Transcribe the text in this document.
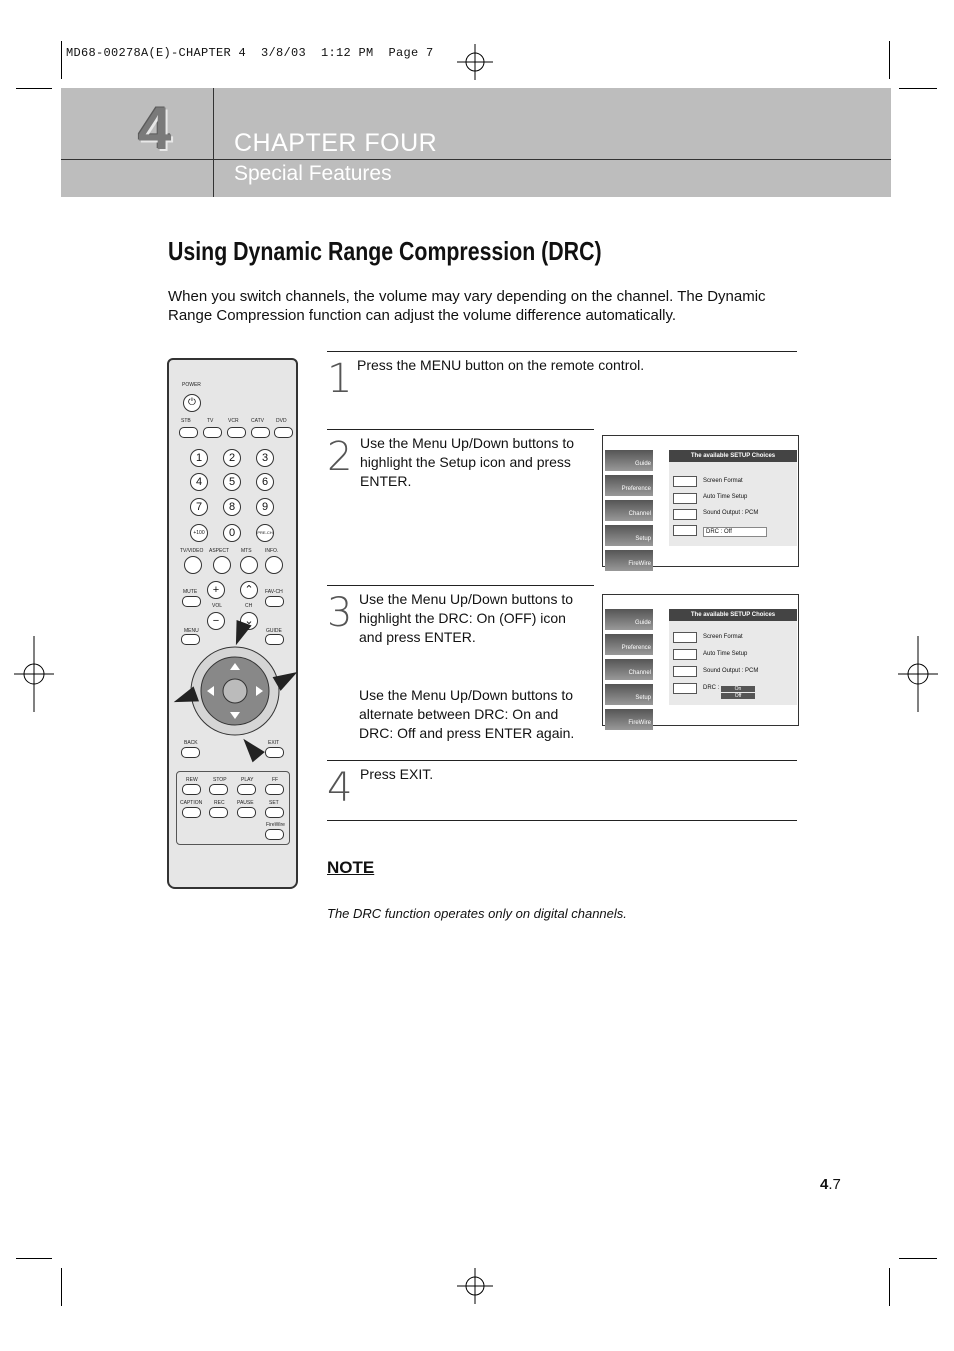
MD68-00278A(E)-CHAPTER 4  3/8/03  1:12 PM  Page 7
4	CHAPTER FOUR
Special Features
Using Dynamic Range Compression (DRC)
When you switch channels, the volume may vary depending on the channel. The Dynamic Range Compression function can adjust the volume difference automatically.
POWER
⏻
STB	TV	VCR CATV DVD
1	2	3
4	5	6
7	8	9
+100	0	PRE-CH
TV/VIDEO ASPECT MTS	INFO.
MUTE	+
−
VOL
⌃
⌄
CH
FAV-CH
MENU	GUIDE
BACK	EXIT
REW	STOP	PLAY	FF
CAPTION REC PAUSE	SET
FireWire
1 Press the MENU button on the remote control.
2 Use the Menu Up/Down buttons to highlight the Setup icon and press ENTER.
3 Use the Menu Up/Down buttons to highlight the DRC: On (OFF) icon and press ENTER.
Use the Menu Up/Down buttons to alternate between DRC: On and DRC: Off and press ENTER again.
4 Press EXIT.
Guide
Preference
Channel
Setup
FireWire
The available SETUP Choices
Screen Format
Auto Time Setup
Sound Output : PCM
DRC : Off
Guide
Preference
Channel
Setup
FireWire
The available SETUP Choices
Screen Format
Auto Time Setup
Sound Output : PCM
DRC :	On
Off
NOTE
The DRC function operates only on digital channels.
4.7
